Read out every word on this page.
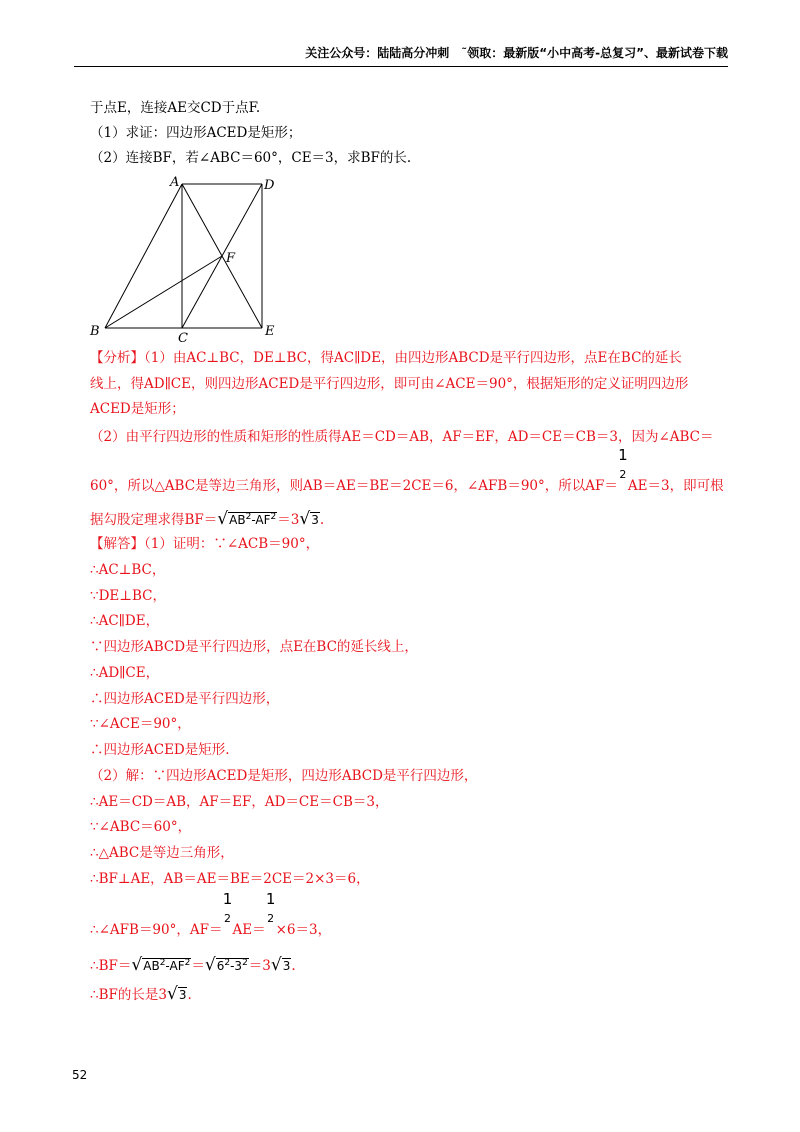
关注公众号：陆陆高分冲刺　˜领取：最新版“小中高考-总复习”、最新试卷下载
于点E，连接AE交CD于点F.
（1）求证：四边形ACED是矩形；
（2）连接BF，若∠ABC＝60°，CE＝3，求BF的长.
A	D
F
B	C	E
【分析】（1）由AC⊥BC，DE⊥BC，得AC∥DE，由四边形ABCD是平行四边形，点E在BC的延长
线上，得AD∥CE，则四边形ACED是平行四边形，即可由∠ACE＝90°，根据矩形的定义证明四边形
ACED是矩形；
（2）由平行四边形的性质和矩形的性质得AE＝CD＝AB，AF＝EF，AD＝CE＝CB＝3，因为∠ABC＝
60°，所以△ABC是等边三角形，则AB＝AE＝BE＝2CE＝6，∠AFB＝90°，所以AF＝
1
2
AE＝3，即可根
据勾股定理求得$BF=√AB^2-AF^2=3√3$.
【解答】（1）证明：∵∠ACB＝90°，
∴AC⊥BC，
∵DE⊥BC，
∴AC∥DE，
∵四边形ABCD是平行四边形，点E在BC的延长线上，
∴AD∥CE，
∴四边形ACED是平行四边形，
∵∠ACE＝90°，
∴四边形ACED是矩形.
（2）解：∵四边形ACED是矩形，四边形ABCD是平行四边形，
∴AE＝CD＝AB，AF＝EF，AD＝CE＝CB＝3，
∵∠ABC＝60°，
∴△ABC是等边三角形，
∴BF⊥AE，AB＝AE＝BE＝2CE＝2×3＝6，
∴∠AFB＝90°，AF＝
1
2
AE＝
1
2
×6＝3，
$\therefore BF=√AB^2-AF^2=√6^2-3^2=3√3$.
∴BF的长是3√3.
52
